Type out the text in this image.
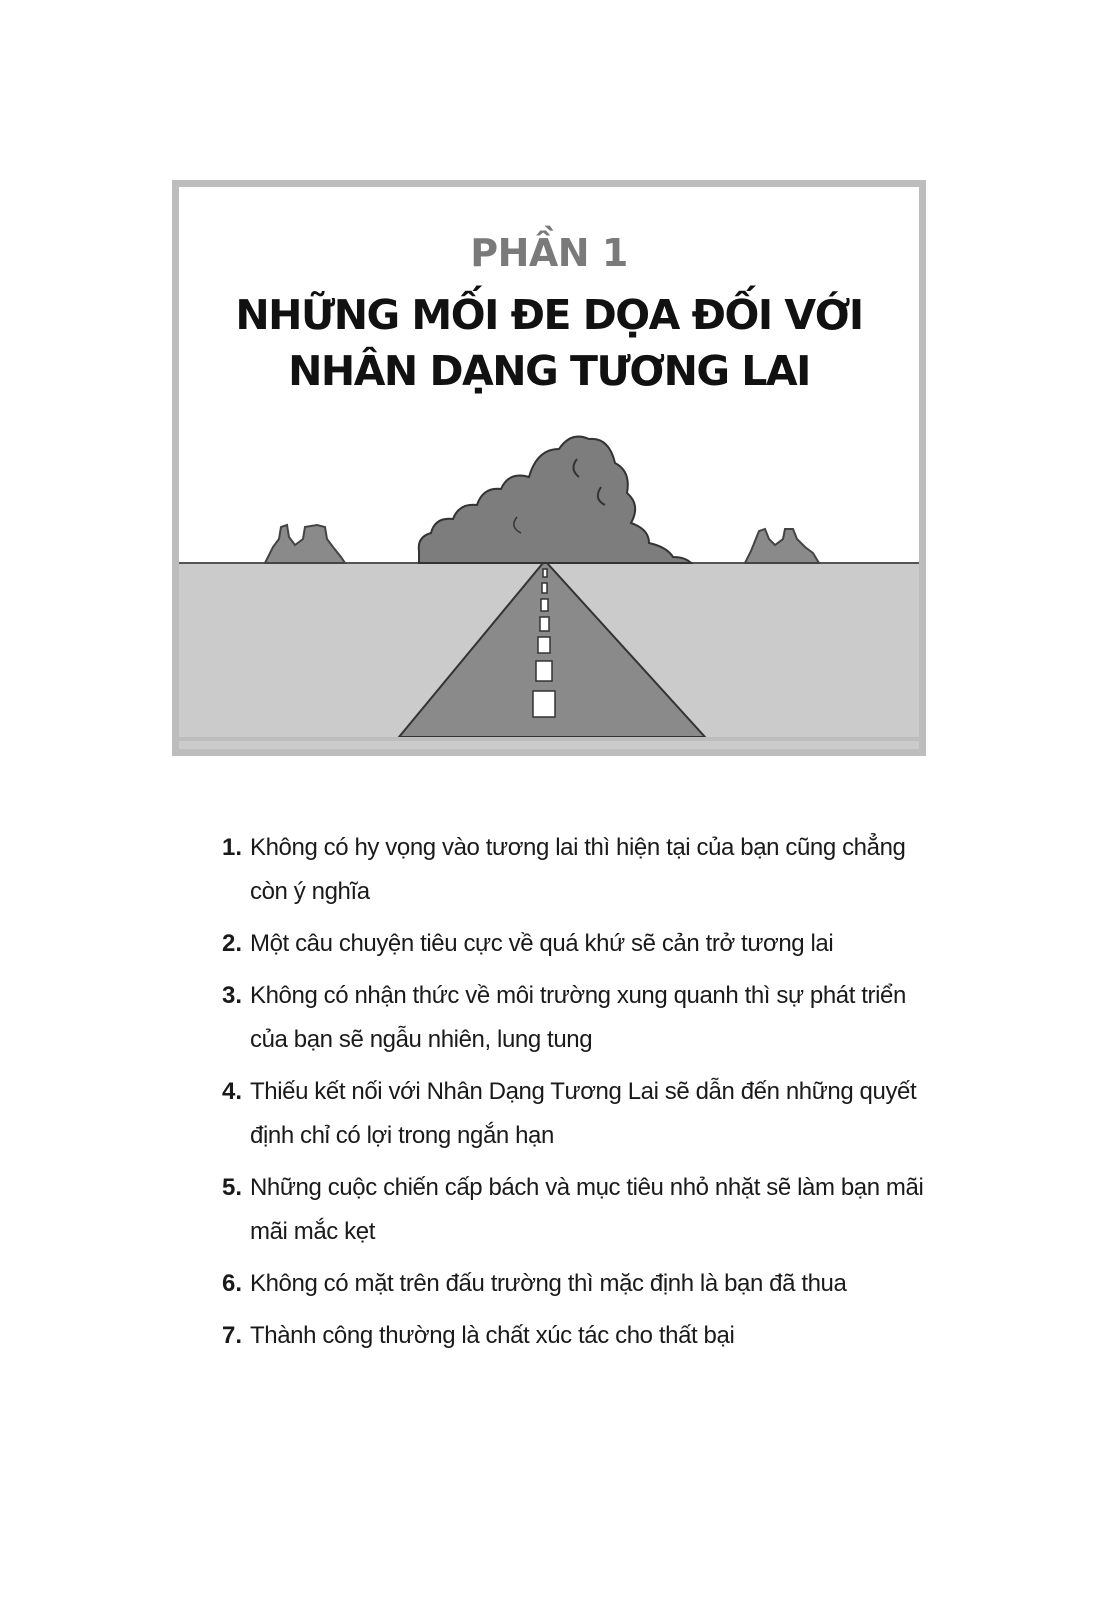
PHẦN 1
NHỮNG MỐI ĐE DỌA ĐỐI VỚI
NHÂN DẠNG TƯƠNG LAI
1. Không có hy vọng vào tương lai thì hiện tại của bạn cũng chẳng còn ý nghĩa
2. Một câu chuyện tiêu cực về quá khứ sẽ cản trở tương lai
3. Không có nhận thức về môi trường xung quanh thì sự phát triển của bạn sẽ ngẫu nhiên, lung tung
4. Thiếu kết nối với Nhân Dạng Tương Lai sẽ dẫn đến những quyết định chỉ có lợi trong ngắn hạn
5. Những cuộc chiến cấp bách và mục tiêu nhỏ nhặt sẽ làm bạn mãi mãi mắc kẹt
6. Không có mặt trên đấu trường thì mặc định là bạn đã thua
7. Thành công thường là chất xúc tác cho thất bại
